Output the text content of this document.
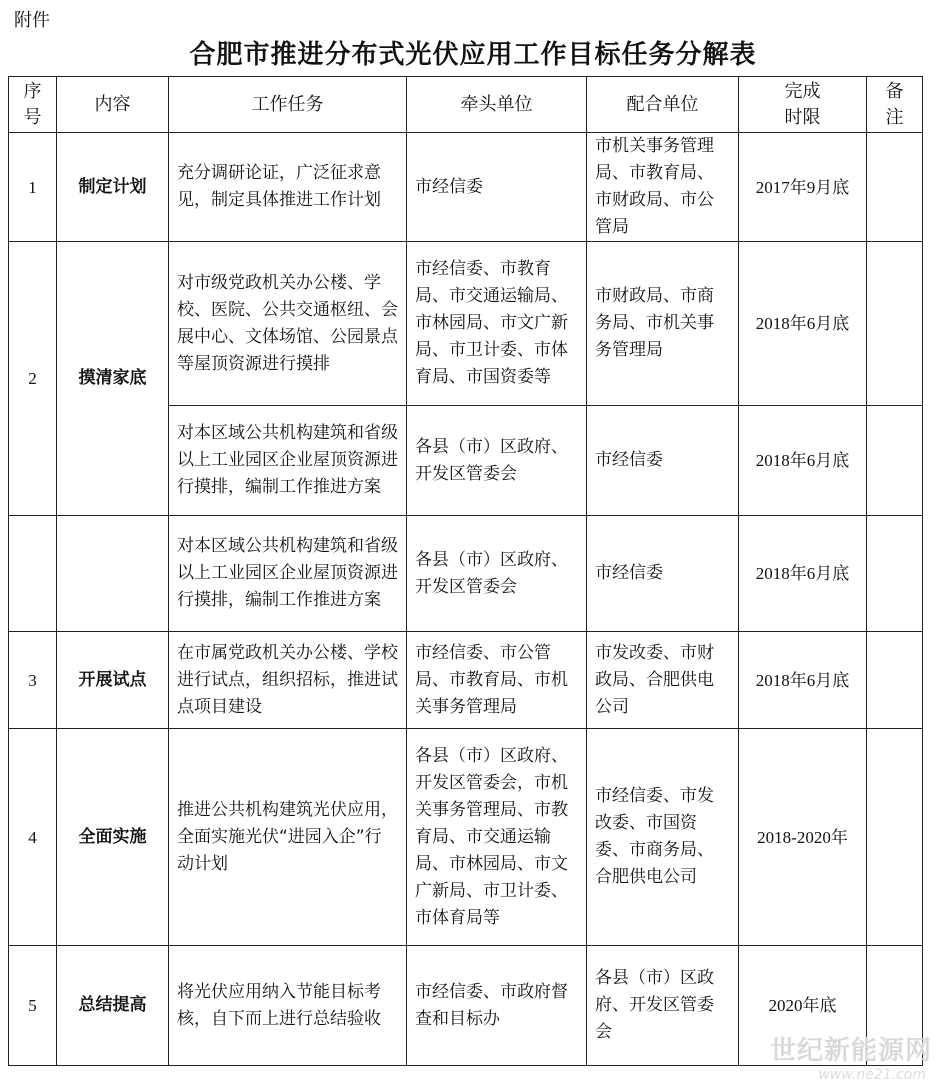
附件
合肥市推进分布式光伏应用工作目标任务分解表
序号	内容	工作任务	牵头单位	配合单位	完成时限	备注
1	制定计划	充分调研论证，广泛征求意见，制定具体推进工作计划	市经信委	市机关事务管理局、市教育局、市财政局、市公管局	2017年9月底	
2	摸清家底	对市级党政机关办公楼、学校、医院、公共交通枢纽、会展中心、文体场馆、公园景点等屋顶资源进行摸排	市经信委、市教育局、市交通运输局、市林园局、市文广新局、市卫计委、市体育局、市国资委等	市财政局、市商务局、市机关事务管理局	2018年6月底	
		对本区域公共机构建筑和省级以上工业园区企业屋顶资源进行摸排，编制工作推进方案	各县（市）区政府、开发区管委会	市经信委	2018年6月底	
		对本区域公共机构建筑和省级以上工业园区企业屋顶资源进行摸排，编制工作推进方案	各县（市）区政府、开发区管委会	市经信委	2018年6月底	
3	开展试点	在市属党政机关办公楼、学校进行试点，组织招标，推进试点项目建设	市经信委、市公管局、市教育局、市机关事务管理局	市发改委、市财政局、合肥供电公司	2018年6月底	
4	全面实施	推进公共机构建筑光伏应用，全面实施光伏“进园入企”行动计划	各县（市）区政府、开发区管委会，市机关事务管理局、市教育局、市交通运输局、市林园局、市文广新局、市卫计委、市体育局等	市经信委、市发改委、市国资委、市商务局、合肥供电公司	2018-2020年	
5	总结提高	将光伏应用纳入节能目标考核，自下而上进行总结验收	市经信委、市政府督查和目标办	各县（市）区政府、开发区管委会	2020年底	
世纪新能源网
www.ne21.com
